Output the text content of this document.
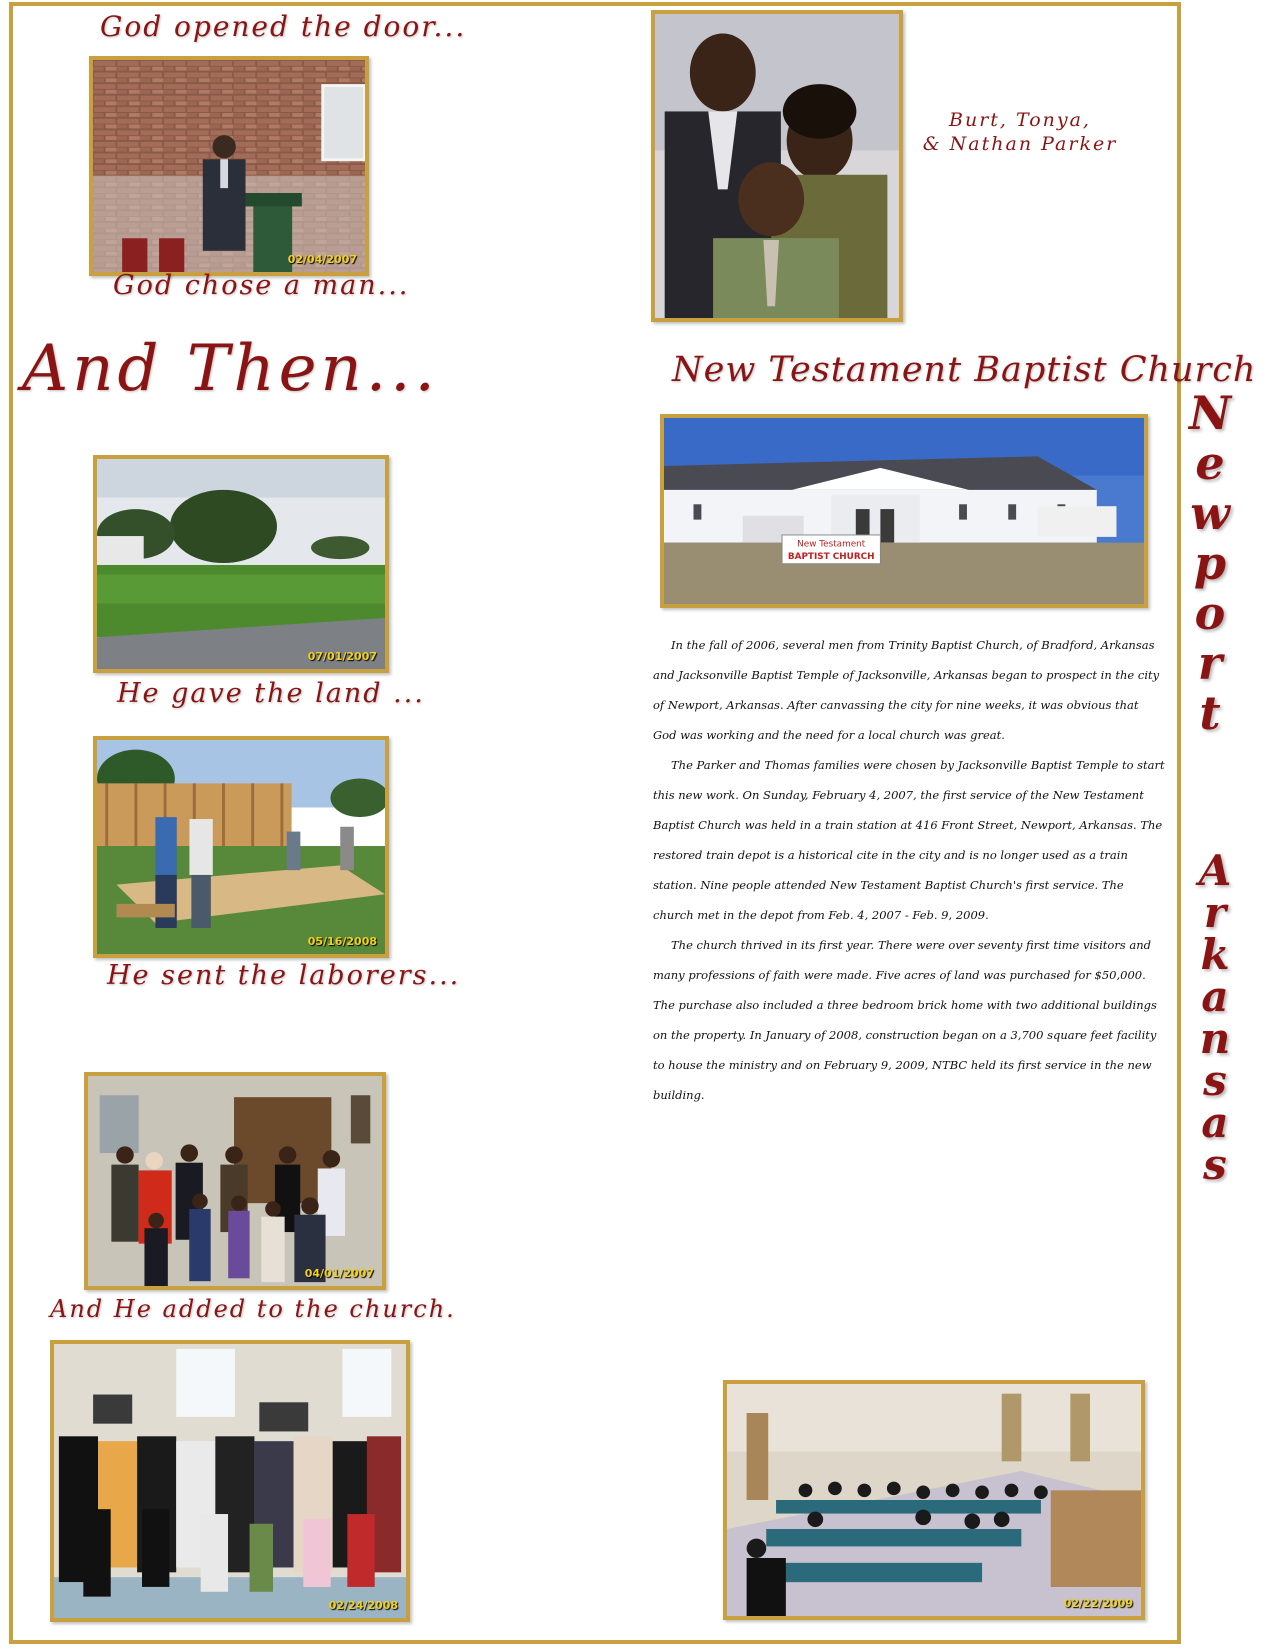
God opened the door...
02/04/2007
God chose a man...
And Then...
07/01/2007
He gave the land ...
05/16/2008
He sent the laborers...
04/01/2007
And He added to the church.
02/24/2008
Burt, Tonya,
& Nathan Parker
New Testament Baptist Church
New Testament
BAPTIST CHURCH

In the fall of 2006, several men from Trinity Baptist Church, of Bradford, Arkansas and Jacksonville Baptist Temple of Jacksonville, Arkansas began to prospect in the city of Newport, Arkansas. After canvassing the city for nine weeks, it was obvious that God was working and the need for a local church was great.

The Parker and Thomas families were chosen by Jacksonville Baptist Temple to start this new work. On Sunday, February 4, 2007, the first service of the New Testament Baptist Church was held in a train station at 416 Front Street, Newport, Arkansas. The restored train depot is a historical cite in the city and is no longer used as a train station. Nine people attended New Testament Baptist Church's first service. The church met in the depot from Feb. 4, 2007 - Feb. 9, 2009.

The church thrived in its first year. There were over seventy first time visitors and many professions of faith were made. Five acres of land was purchased for $50,000. The purchase also included a three bedroom brick home with two additional buildings on the property. In January of 2008, construction began on a 3,700 square feet facility to house the ministry and on February 9, 2009, NTBC held its first service in the new building.

02/22/2009
N
e
w
p
o
r
t
A
r
k
a
n
s
a
s
